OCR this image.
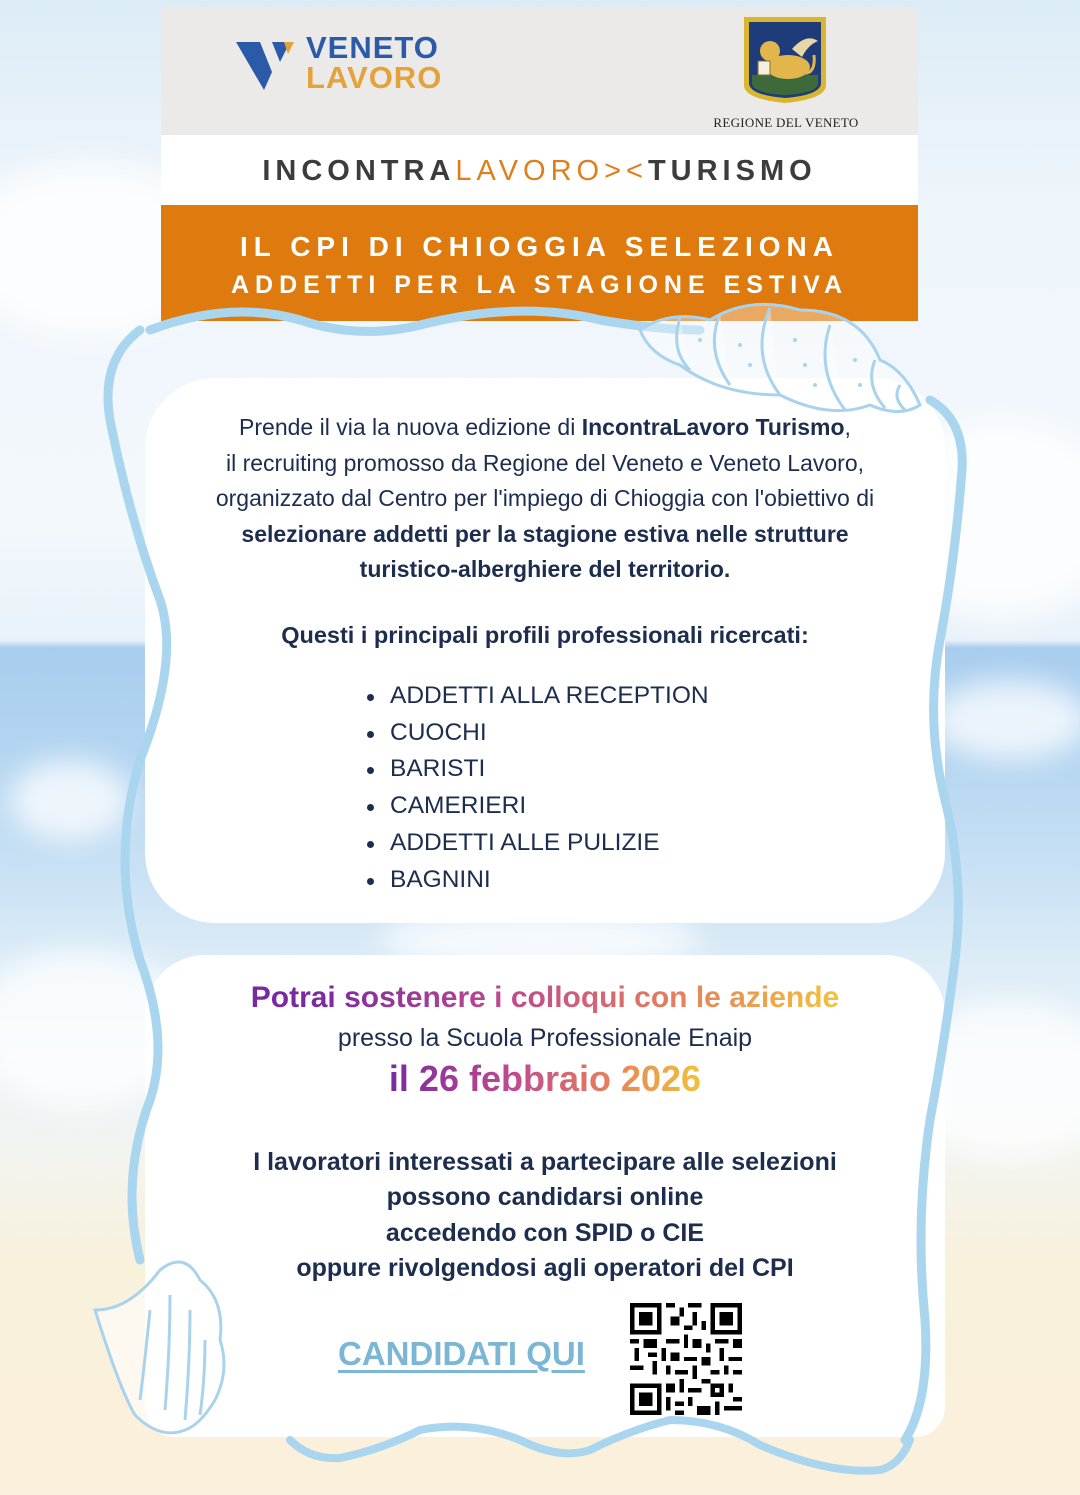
VENETO
LAVORO
REGIONE DEL VENETO
INCONTRALAVORO><TURISMO
IL CPI DI CHIOGGIA SELEZIONA
ADDETTI PER LA STAGIONE ESTIVA
Prende il via la nuova edizione di IncontraLavoro Turismo,
il recruiting promosso da Regione del Veneto e Veneto Lavoro,
organizzato dal Centro per l'impiego di Chioggia con l'obiettivo di
selezionare addetti per la stagione estiva nelle strutture
turistico-alberghiere del territorio.
Questi i principali profili professionali ricercati:
ADDETTI ALLA RECEPTION
CUOCHI
BARISTI
CAMERIERI
ADDETTI ALLE PULIZIE
BAGNINI
Potrai sostenere i colloqui con le aziende
presso la Scuola Professionale Enaip
il 26 febbraio 2026
I lavoratori interessati a partecipare alle selezioni
possono candidarsi online
accedendo con SPID o CIE
oppure rivolgendosi agli operatori del CPI
CANDIDATI QUI
